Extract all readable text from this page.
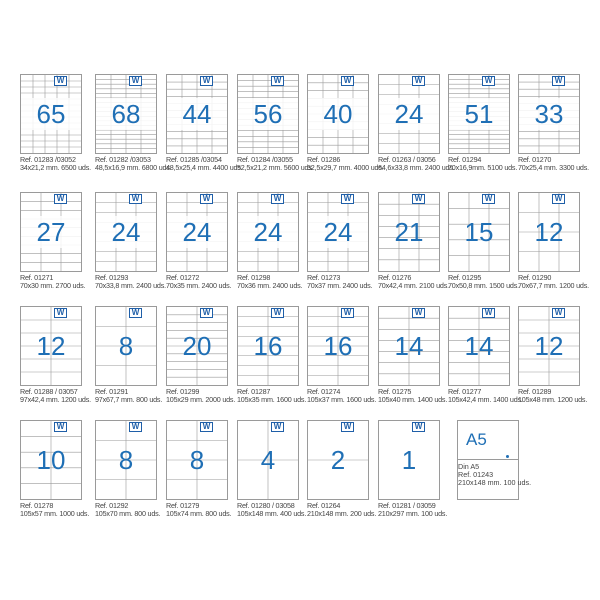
65
W
Ref. 01283 /03052
34x21,2 mm. 6500 uds.
68
W
Ref. 01282 /03053
48,5x16,9 mm. 6800 uds.
44
W
Ref. 01285 /03054
48,5x25,4 mm. 4400 uds.
56
W
Ref. 01284 /03055
52,5x21,2 mm. 5600 uds.
40
W
Ref. 01286
52,5x29,7 mm. 4000 uds.
24
W
Ref. 01263 / 03056
64,6x33,8 mm. 2400 uds.
51
W
Ref. 01294
70x16,9mm. 5100 uds.
33
W
Ref. 01270
70x25,4 mm. 3300 uds.
27
W
Ref. 01271
70x30 mm. 2700 uds.
24
W
Ref. 01293
70x33,8 mm. 2400 uds.
24
W
Ref. 01272
70x35 mm. 2400 uds.
24
W
Ref. 01298
70x36 mm. 2400 uds.
24
W
Ref. 01273
70x37 mm. 2400 uds.
21
W
Ref. 01276
70x42,4 mm. 2100 uds.
15
W
Ref. 01295
70x50,8 mm. 1500 uds.
12
W
Ref. 01290
70x67,7 mm. 1200 uds.
12
W
Ref. 01288 / 03057
97x42,4 mm. 1200 uds.
8
W
Ref. 01291
97x67,7 mm. 800 uds.
20
W
Ref. 01299
105x29 mm. 2000 uds.
16
W
Ref. 01287
105x35 mm. 1600 uds.
16
W
Ref. 01274
105x37 mm. 1600 uds.
14
W
Ref. 01275
105x40 mm. 1400 uds.
14
W
Ref. 01277
105x42,4 mm. 1400 uds.
12
W
Ref. 01289
105x48 mm. 1200 uds.
10
W
Ref. 01278
105x57 mm. 1000 uds.
8
W
Ref. 01292
105x70 mm. 800 uds.
8
W
Ref. 01279
105x74 mm. 800 uds.
4
W
Ref. 01280 / 03058
105x148 mm. 400 uds.
2
W
Ref. 01264
210x148 mm. 200 uds.
1
W
Ref. 01281 / 03059
210x297 mm. 100 uds.
A5
Din A5
Ref. 01243
210x148 mm. 100 uds.
